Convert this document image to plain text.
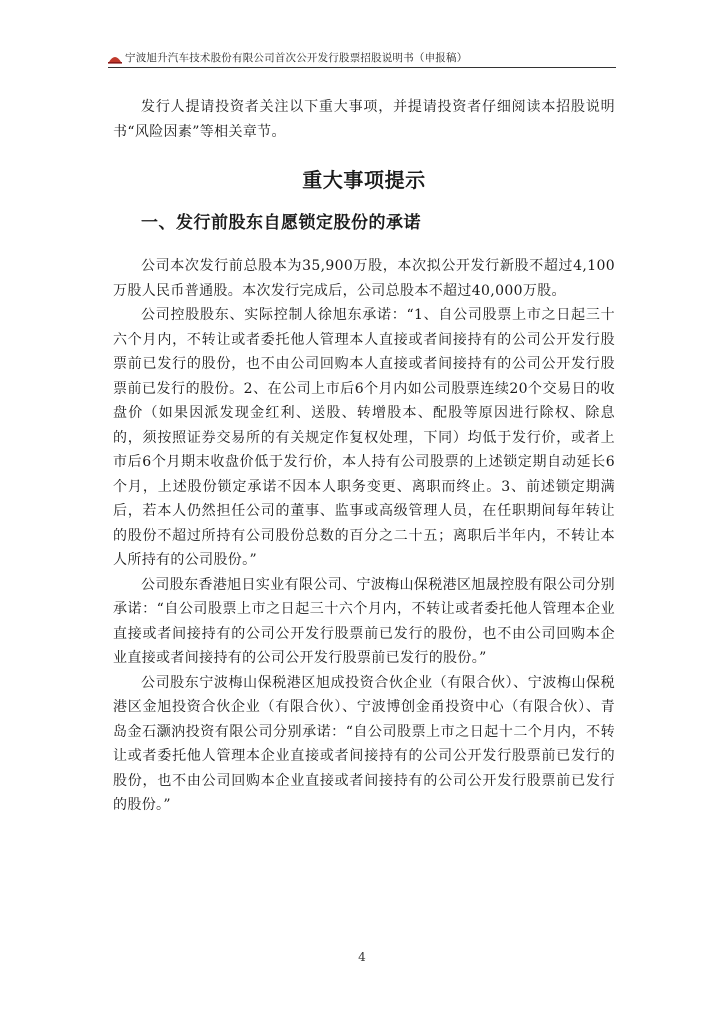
宁波旭升汽车技术股份有限公司首次公开发行股票招股说明书（申报稿）

发行人提请投资者关注以下重大事项，并提请投资者仔细阅读本招股说明书“风险因素”等相关章节。

重大事项提示
一、发行前股东自愿锁定股份的承诺

公司本次发行前总股本为35,900万股，本次拟公开发行新股不超过4,100万股人民币普通股。本次发行完成后，公司总股本不超过40,000万股。

公司控股股东、实际控制人徐旭东承诺：“1、自公司股票上市之日起三十六个月内，不转让或者委托他人管理本人直接或者间接持有的公司公开发行股票前已发行的股份，也不由公司回购本人直接或者间接持有的公司公开发行股票前已发行的股份。2、在公司上市后6个月内如公司股票连续20个交易日的收盘价（如果因派发现金红利、送股、转增股本、配股等原因进行除权、除息的，须按照证券交易所的有关规定作复权处理，下同）均低于发行价，或者上市后6个月期末收盘价低于发行价，本人持有公司股票的上述锁定期自动延长6个月，上述股份锁定承诺不因本人职务变更、离职而终止。3、前述锁定期满后，若本人仍然担任公司的董事、监事或高级管理人员，在任职期间每年转让的股份不超过所持有公司股份总数的百分之二十五；离职后半年内，不转让本人所持有的公司股份。”

公司股东香港旭日实业有限公司、宁波梅山保税港区旭晟控股有限公司分别承诺：“自公司股票上市之日起三十六个月内，不转让或者委托他人管理本企业直接或者间接持有的公司公开发行股票前已发行的股份，也不由公司回购本企业直接或者间接持有的公司公开发行股票前已发行的股份。”

公司股东宁波梅山保税港区旭成投资合伙企业（有限合伙）、宁波梅山保税港区金旭投资合伙企业（有限合伙）、宁波博创金甬投资中心（有限合伙）、青岛金石灏汭投资有限公司分别承诺：“自公司股票上市之日起十二个月内，不转让或者委托他人管理本企业直接或者间接持有的公司公开发行股票前已发行的股份，也不由公司回购本企业直接或者间接持有的公司公开发行股票前已发行的股份。”

4
